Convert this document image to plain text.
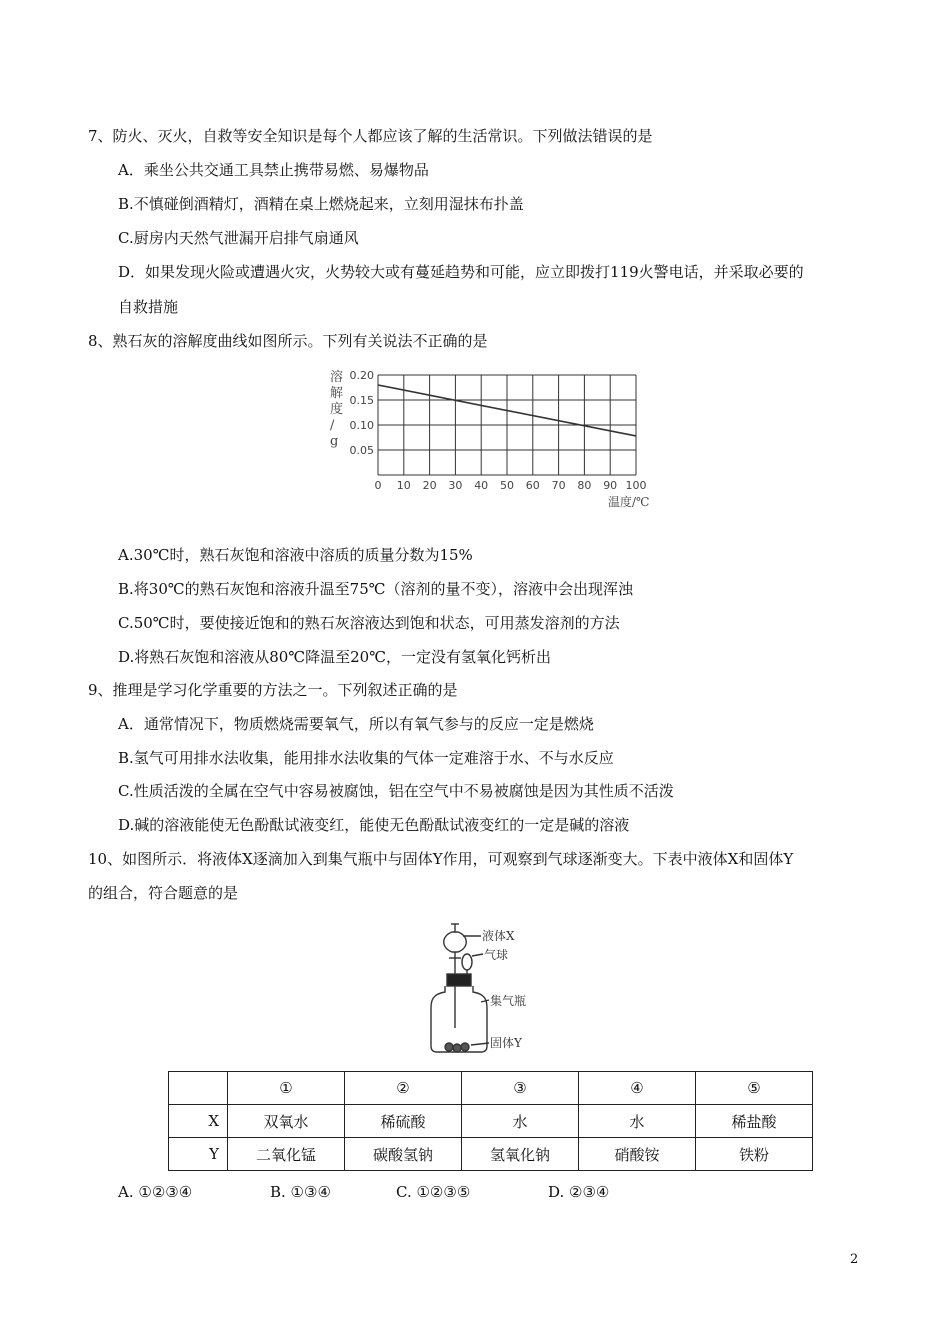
7、防火、灭火，自救等安全知识是每个人都应该了解的生活常识。下列做法错误的是
A．乘坐公共交通工具禁止携带易燃、易爆物品
B.不慎碰倒酒精灯，酒精在桌上燃烧起来，立刻用湿抹布扑盖
C.厨房内天然气泄漏开启排气扇通风
D．如果发现火险或遭遇火灾，火势较大或有蔓延趋势和可能，应立即拨打119火警电话，并采取必要的
自救措施
8、熟石灰的溶解度曲线如图所示。下列有关说法不正确的是
溶
解
度
/
g
0.20
0.15
0.10
0.05
0 10 20 30 40 50 60 70 80 90 100
温度/℃
A.30℃时，熟石灰饱和溶液中溶质的质量分数为15%
B.将30℃的熟石灰饱和溶液升温至75℃（溶剂的量不变），溶液中会出现浑浊
C.50℃时，要使接近饱和的熟石灰溶液达到饱和状态，可用蒸发溶剂的方法
D.将熟石灰饱和溶液从80℃降温至20℃，一定没有氢氧化钙析出
9、推理是学习化学重要的方法之一。下列叙述正确的是
A．通常情况下，物质燃烧需要氧气，所以有氧气参与的反应一定是燃烧
B.氢气可用排水法收集，能用排水法收集的气体一定难溶于水、不与水反应
C.性质活泼的全属在空气中容易被腐蚀，铝在空气中不易被腐蚀是因为其性质不活泼
D.碱的溶液能使无色酚酞试液变红，能使无色酚酞试液变红的一定是碱的溶液
10、如图所示．将液体X逐滴加入到集气瓶中与固体Y作用，可观察到气球逐渐变大。下表中液体X和固体Y
的组合，符合题意的是
液体X
气球
集气瓶
固体Y
	①	②	③	④	⑤
X	双氧水	稀硫酸	水	水	稀盐酸
Y	二氧化锰	碳酸氢钠	氢氧化钠	硝酸铵	铁粉
A. ①②③④	B. ①③④	C. ①②③⑤	D. ②③④
2
